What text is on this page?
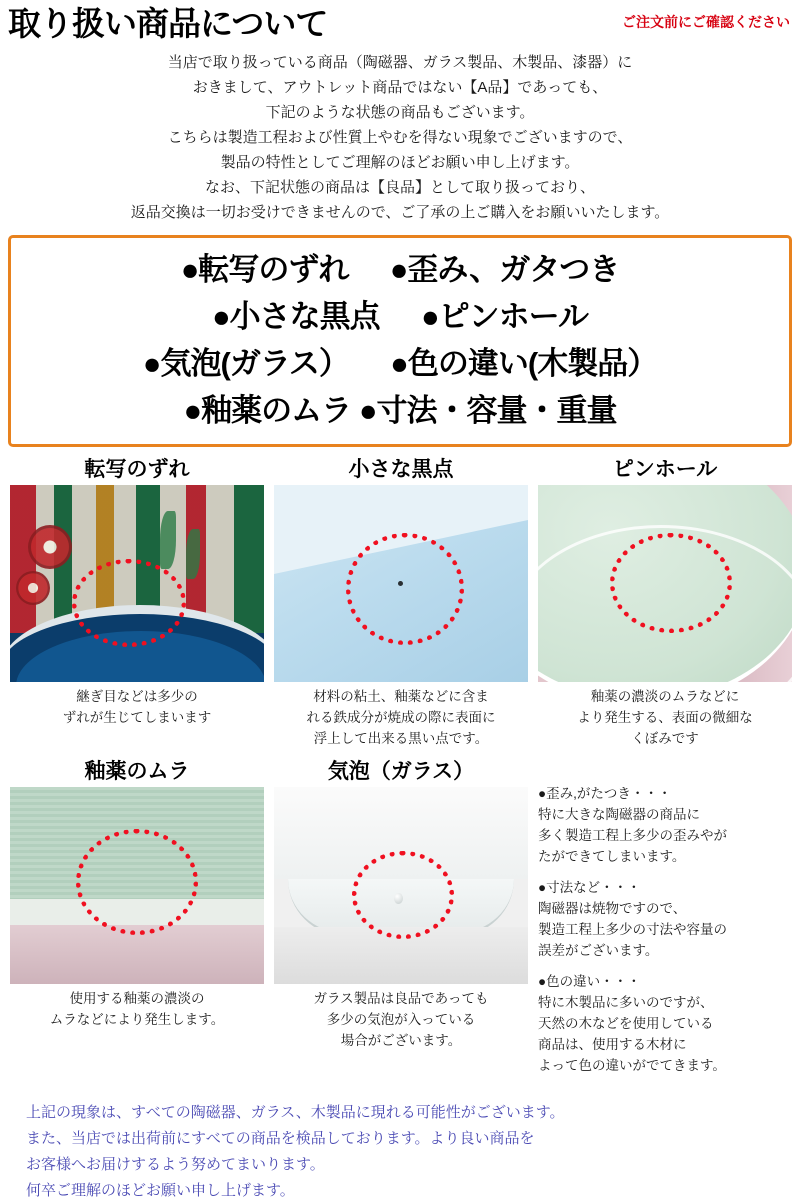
取り扱い商品について	ご注文前にご確認ください
当店で取り扱っている商品（陶磁器、ガラス製品、木製品、漆器）に
おきまして、アウトレット商品ではない【A品】であっても、
下記のような状態の商品もございます。
こちらは製造工程および性質上やむを得ない現象でございますので、
製品の特性としてご理解のほどお願い申し上げます。
なお、下記状態の商品は【良品】として取り扱っており、
返品交換は一切お受けできませんので、ご了承の上ご購入をお願いいたします。
●転写のずれ ●歪み、ガタつき
●小さな黒点 ●ピンホール
●気泡(ガラス） ●色の違い(木製品）
●釉薬のムラ ●寸法・容量・重量
転写のずれ
継ぎ目などは多少の
ずれが生じてしまいます
小さな黒点
材料の粘土、釉薬などに含ま
れる鉄成分が焼成の際に表面に
浮上して出来る黒い点です。
ピンホール
釉薬の濃淡のムラなどに
より発生する、表面の微細な
くぼみです
釉薬のムラ
使用する釉薬の濃淡の
ムラなどにより発生します。
気泡（ガラス）
ガラス製品は良品であっても
多少の気泡が入っている
場合がございます。

●歪み,がたつき・・・
特に大きな陶磁器の商品に
多く製造工程上多少の歪みやが
たができてしまいます。

●寸法など・・・
陶磁器は焼物ですので、
製造工程上多少の寸法や容量の
誤差がございます。

●色の違い・・・
特に木製品に多いのですが、
天然の木などを使用している
商品は、使用する木材に
よって色の違いがでてきます。

上記の現象は、すべての陶磁器、ガラス、木製品に現れる可能性がございます。
また、当店では出荷前にすべての商品を検品しております。より良い商品を
お客様へお届けするよう努めてまいります。
何卒ご理解のほどお願い申し上げます。
